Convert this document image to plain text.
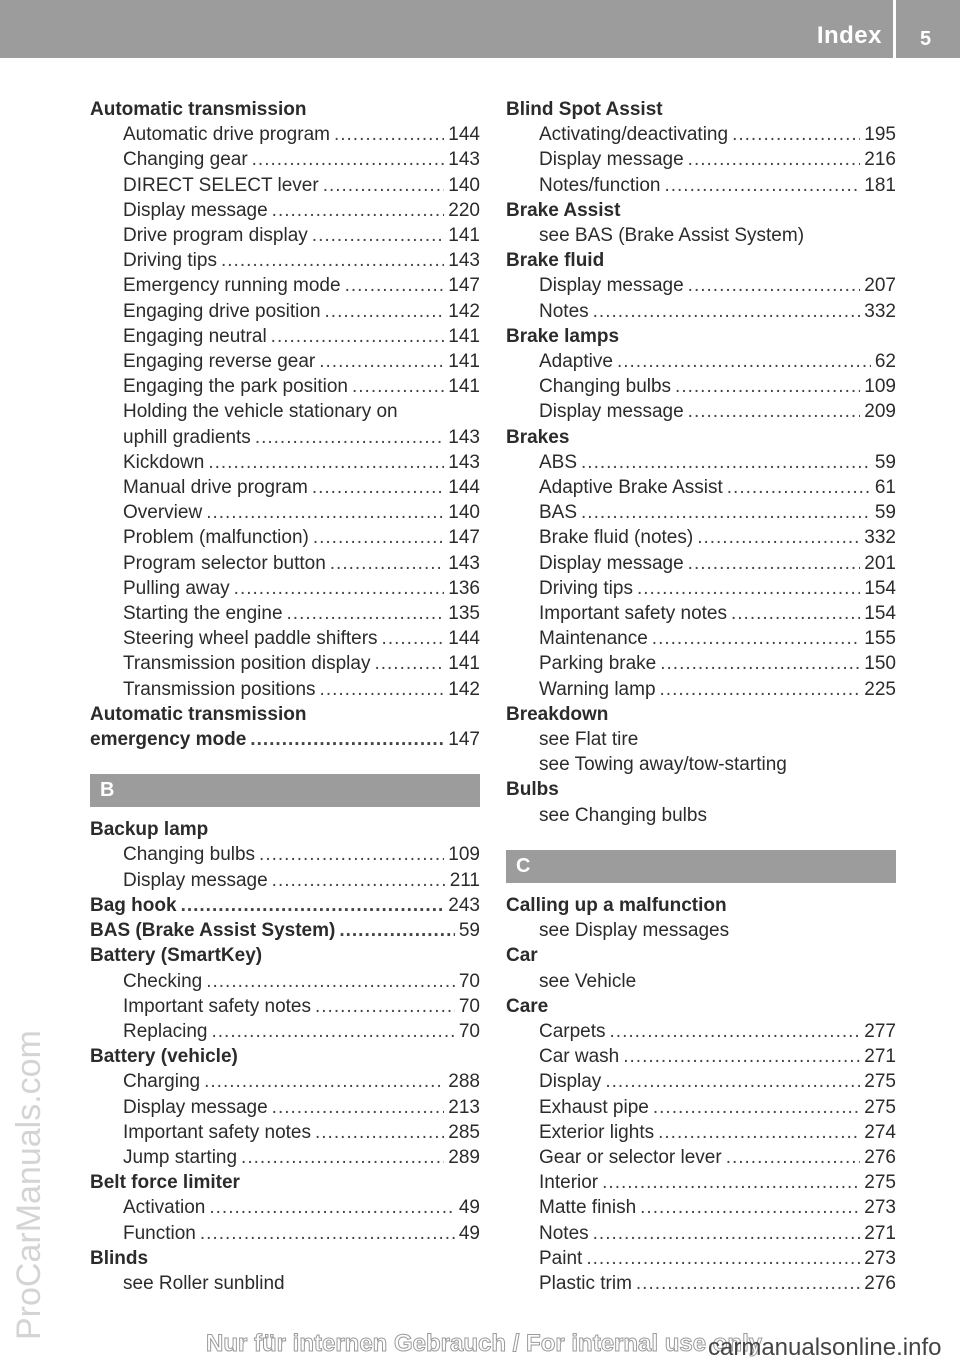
Index 5
Automatic transmission
Automatic drive program .....	144
Changing gear .....	143
DIRECT SELECT lever .....	140
Display message .....	220
Drive program display .....	141
Driving tips .....	143
Emergency running mode .....	147
Engaging drive position .....	142
Engaging neutral .....	141
Engaging reverse gear .....	141
Engaging the park position .....	141
Holding the vehicle stationary on
uphill gradients .....	143
Kickdown .....	143
Manual drive program .....	144
Overview .....	140
Problem (malfunction) .....	147
Program selector button .....	143
Pulling away .....	136
Starting the engine .....	135
Steering wheel paddle shifters .....	144
Transmission position display .....	141
Transmission positions .....	142
Automatic transmission
emergency mode .....	147
B
Backup lamp
Changing bulbs .....	109
Display message .....	211
Bag hook .....	243
BAS (Brake Assist System) .....	59
Battery (SmartKey)
Checking .....	70
Important safety notes .....	70
Replacing .....	70
Battery (vehicle)
Charging .....	288
Display message .....	213
Important safety notes .....	285
Jump starting .....	289
Belt force limiter
Activation .....	49
Function .....	49
Blinds
see Roller sunblind
Blind Spot Assist
Activating/deactivating .....	195
Display message .....	216
Notes/function .....	181
Brake Assist
see BAS (Brake Assist System)
Brake fluid
Display message .....	207
Notes .....	332
Brake lamps
Adaptive .....	62
Changing bulbs .....	109
Display message .....	209
Brakes
ABS .....	59
Adaptive Brake Assist .....	61
BAS .....	59
Brake fluid (notes) .....	332
Display message .....	201
Driving tips .....	154
Important safety notes .....	154
Maintenance .....	155
Parking brake .....	150
Warning lamp .....	225
Breakdown
see Flat tire
see Towing away/tow-starting
Bulbs
see Changing bulbs
C
Calling up a malfunction
see Display messages
Car
see Vehicle
Care
Carpets .....	277
Car wash .....	271
Display .....	275
Exhaust pipe .....	275
Exterior lights .....	274
Gear or selector lever .....	276
Interior .....	275
Matte finish .....	273
Notes .....	271
Paint .....	273
Plastic trim .....	276
ProCarManuals.com
Nur für internen Gebrauch / For internal use only
carmanualsonline.info
